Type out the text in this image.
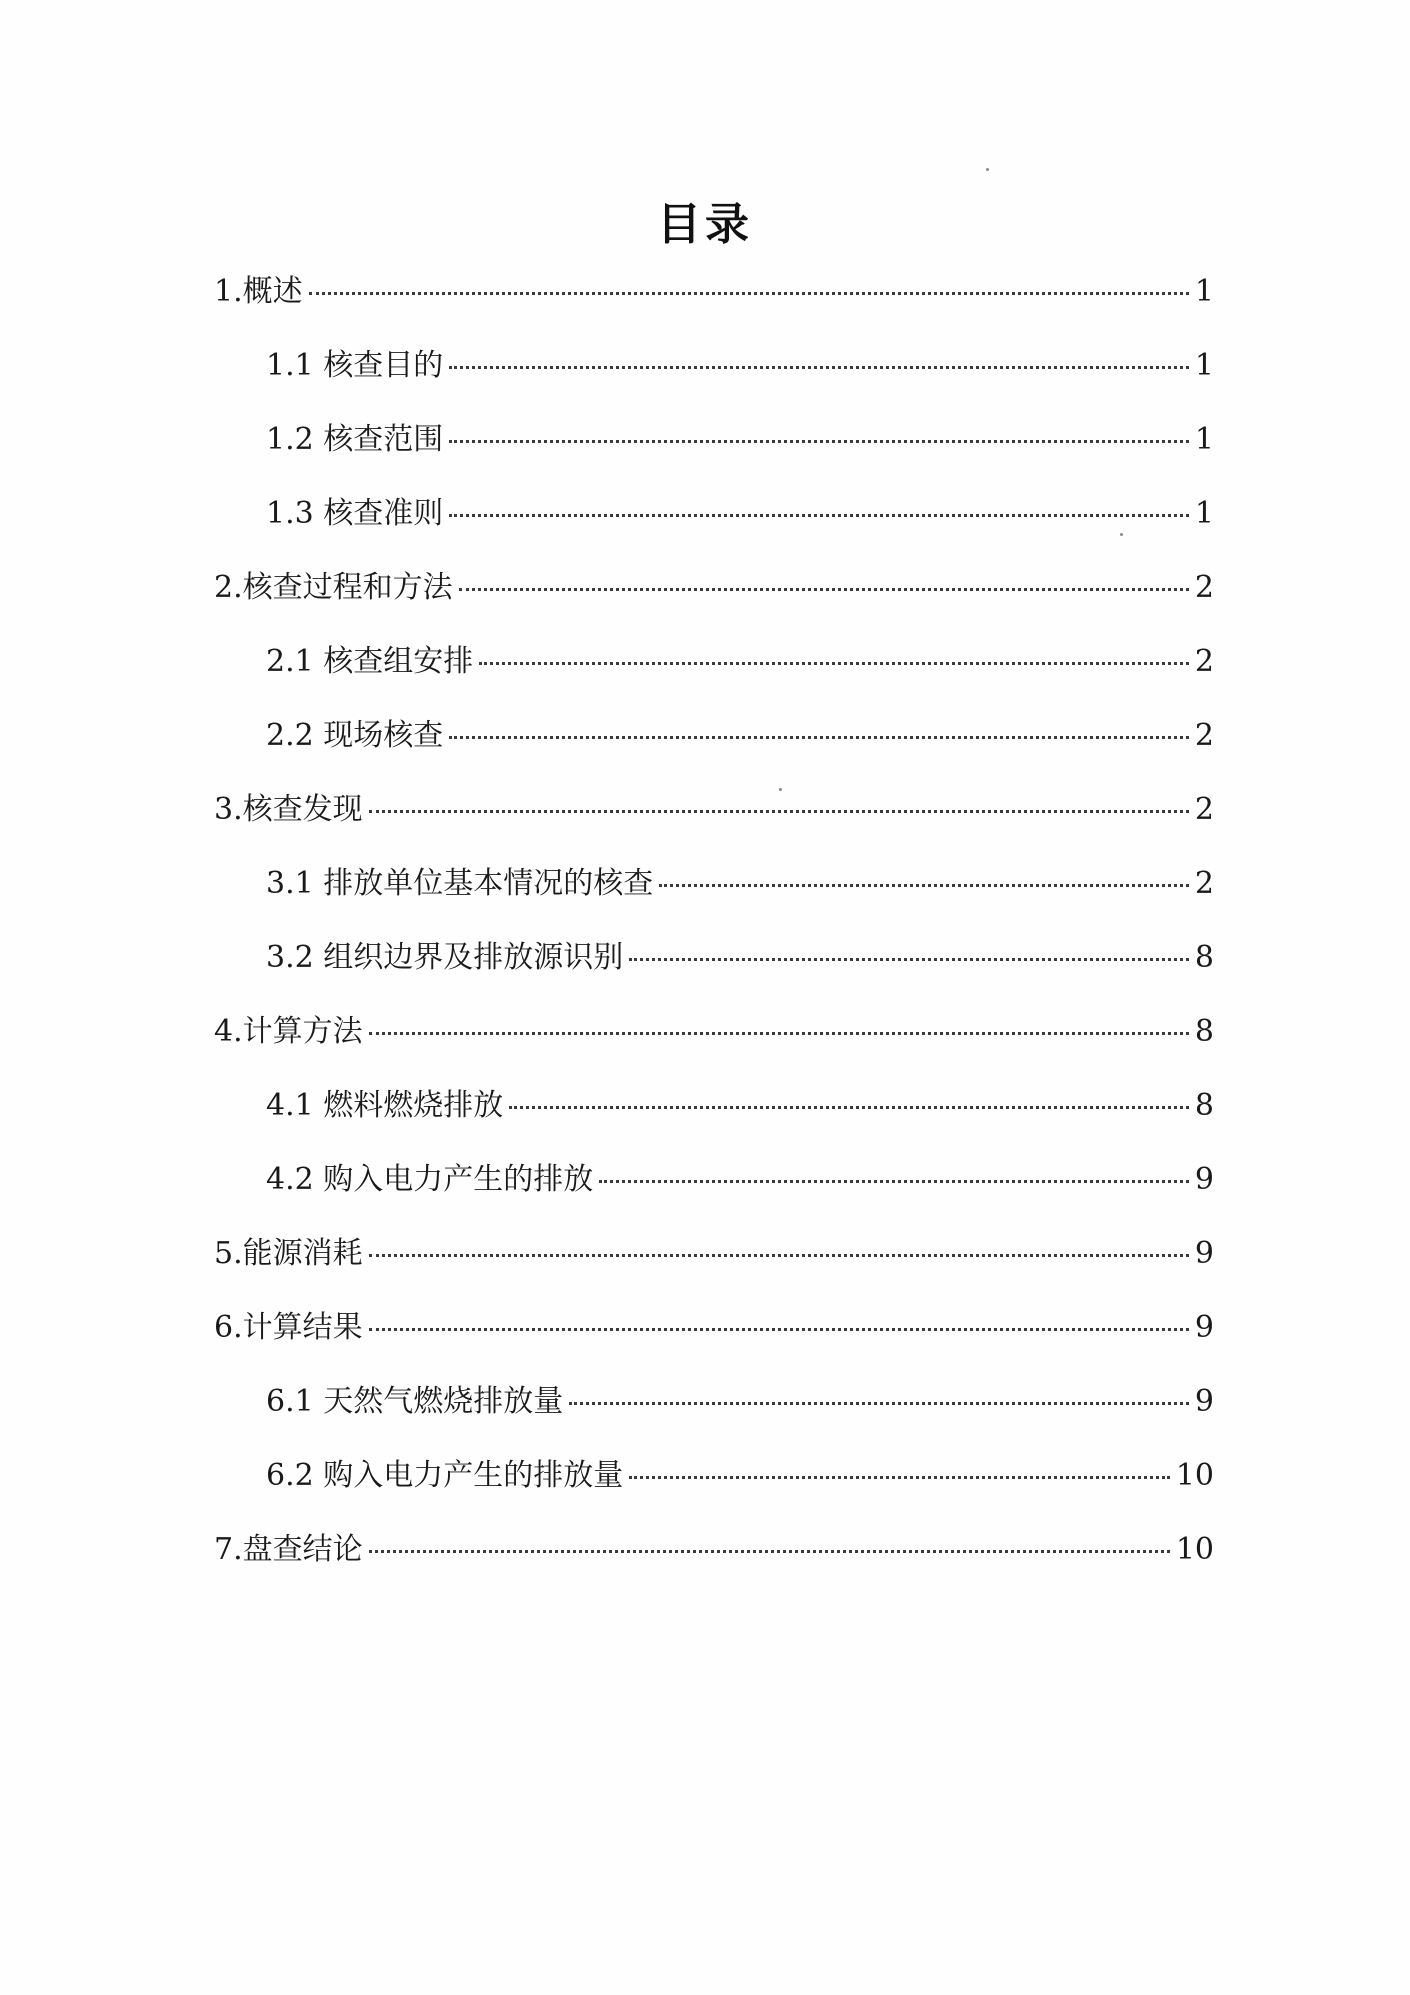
目录
1.概述	1
1.1 核查目的	1
1.2 核查范围	1
1.3 核查准则	1
2.核查过程和方法	2
2.1 核查组安排	2
2.2 现场核查	2
3.核查发现	2
3.1 排放单位基本情况的核查	2
3.2 组织边界及排放源识别	8
4.计算方法	8
4.1 燃料燃烧排放	8
4.2 购入电力产生的排放	9
5.能源消耗	9
6.计算结果	9
6.1 天然气燃烧排放量	9
6.2 购入电力产生的排放量	10
7.盘查结论	10
